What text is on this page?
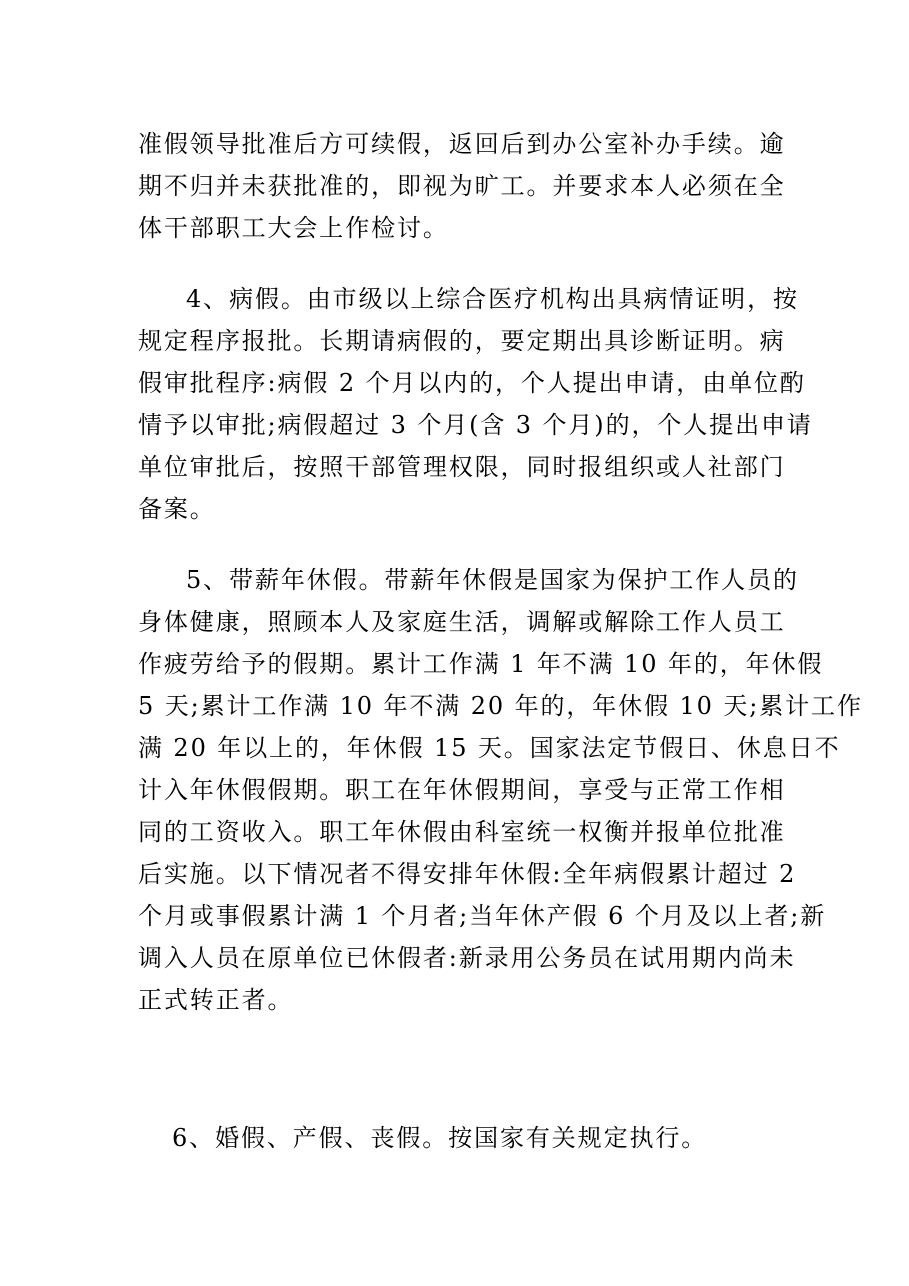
准假领导批准后方可续假，返回后到办公室补办手续。逾
期不归并未获批准的，即视为旷工。并要求本人必须在全
体干部职工大会上作检讨。
4、病假。由市级以上综合医疗机构出具病情证明，按
规定程序报批。长期请病假的，要定期出具诊断证明。病
假审批程序:病假 2 个月以内的，个人提出申请，由单位酌
情予以审批;病假超过 3 个月(含 3 个月)的，个人提出申请
单位审批后，按照干部管理权限，同时报组织或人社部门
备案。
5、带薪年休假。带薪年休假是国家为保护工作人员的
身体健康，照顾本人及家庭生活，调解或解除工作人员工
作疲劳给予的假期。累计工作满 1 年不满 10 年的，年休假
5 天;累计工作满 10 年不满 20 年的，年休假 10 天;累计工作
满 20 年以上的，年休假 15 天。国家法定节假日、休息日不
计入年休假假期。职工在年休假期间，享受与正常工作相
同的工资收入。职工年休假由科室统一权衡并报单位批准
后实施。以下情况者不得安排年休假:全年病假累计超过 2
个月或事假累计满 1 个月者;当年休产假 6 个月及以上者;新
调入人员在原单位已休假者:新录用公务员在试用期内尚未
正式转正者。
6、婚假、产假、丧假。按国家有关规定执行。
